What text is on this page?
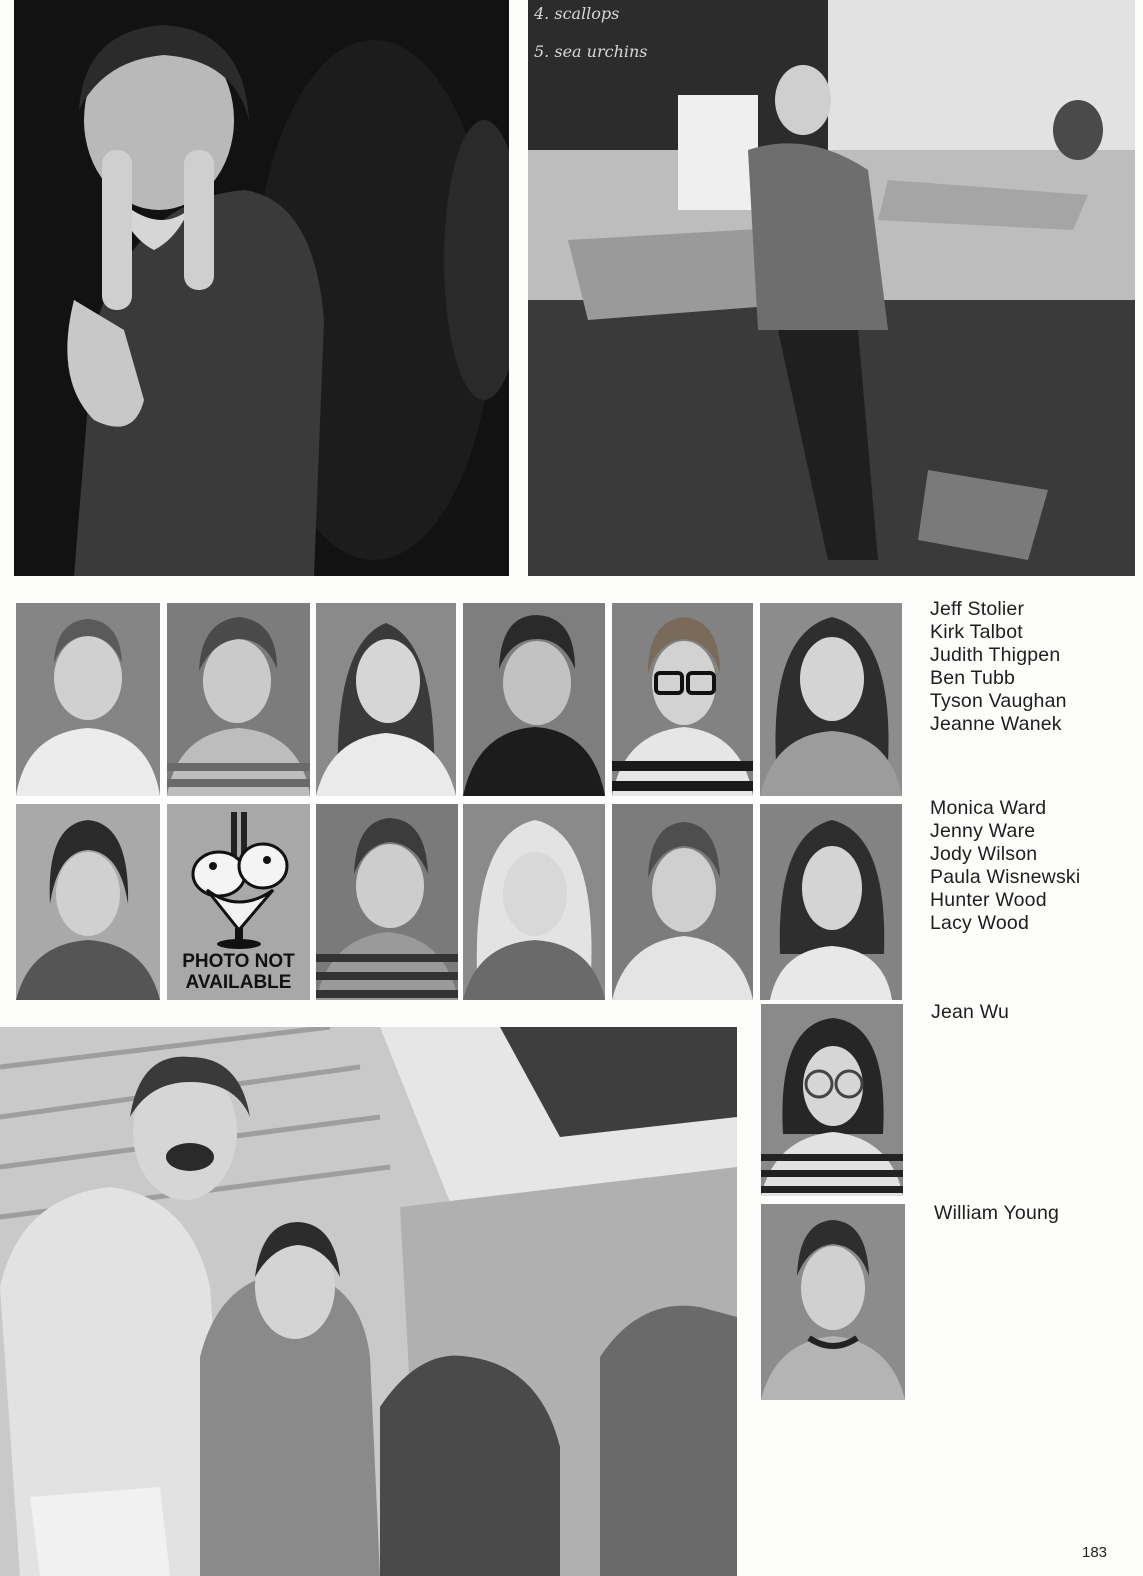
4. scallops
5. sea urchins
PHOTO NOT
AVAILABLE
Jeff Stolier
Kirk Talbot
Judith Thigpen
Ben Tubb
Tyson Vaughan
Jeanne Wanek
Monica Ward
Jenny Ware
Jody Wilson
Paula Wisnewski
Hunter Wood
Lacy Wood
Jean Wu
William Young
183
